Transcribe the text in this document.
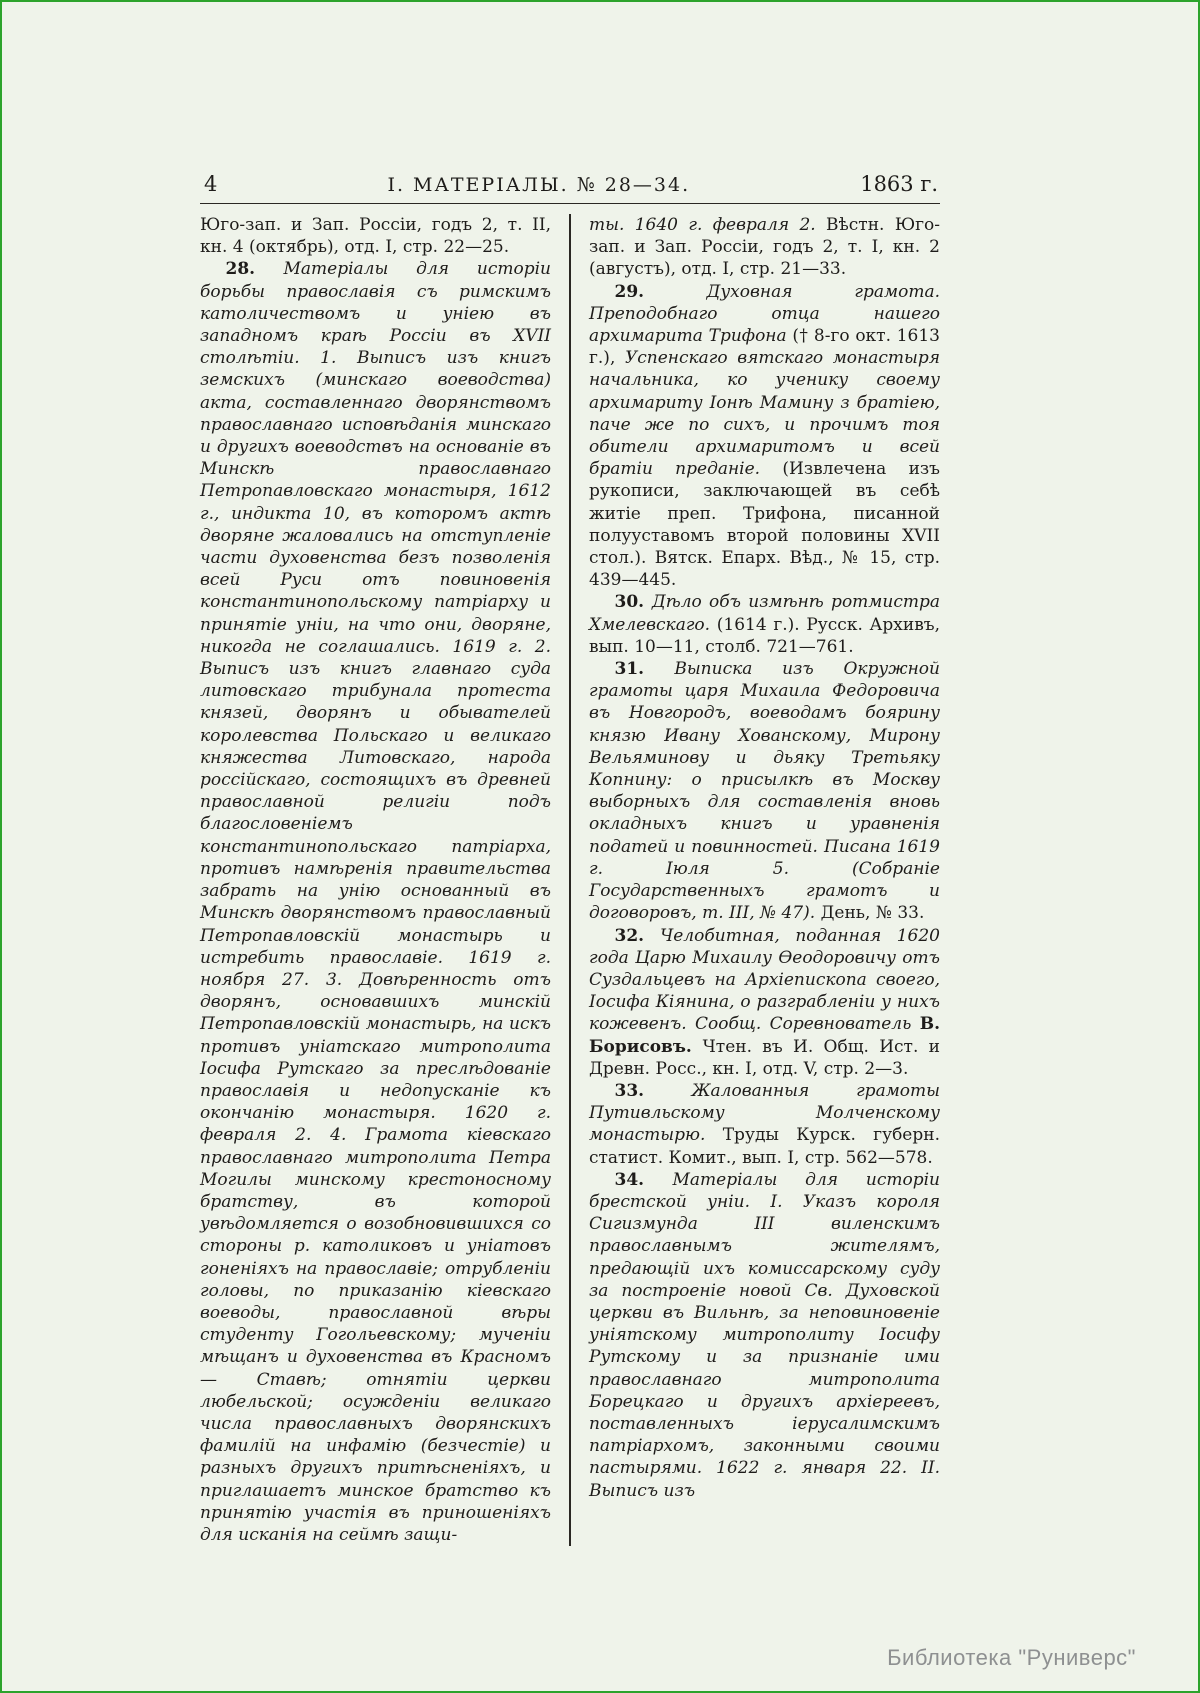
4	І. МАТЕРІАЛЫ. № 28—34.	1863 г.

Юго-зап. и Зап. Россіи, годъ 2, т. ІІ, кн. 4 (октябрь), отд. І, стр. 22—25.

28. Матеріалы для исторіи борьбы православія съ римскимъ католичествомъ и уніею въ западномъ краѣ Россіи въ XVII столѣтіи. 1. Выписъ изъ книгъ земскихъ (минскаго воеводства) акта, составленнаго дворянствомъ православнаго исповѣданія минскаго и другихъ воеводствъ на основаніе въ Минскѣ православнаго Петропавловскаго монастыря, 1612 г., индикта 10, въ которомъ актѣ дворяне жаловались на отступленіе части духовенства безъ позволенія всей Руси отъ повиновенія константинопольскому патріарху и принятіе уніи, на что они, дворяне, никогда не соглашались. 1619 г. 2. Выписъ изъ книгъ главнаго суда литовскаго трибунала протеста князей, дворянъ и обывателей королевства Польскаго и великаго княжества Литовскаго, народа россійскаго, состоящихъ въ древней православной религіи подъ благословеніемъ константинопольскаго патріарха, противъ намѣренія правительства забрать на унію основанный въ Минскѣ дворянствомъ православный Петропавловскій монастырь и истребить православіе. 1619 г. ноября 27. 3. Довѣренность отъ дворянъ, основавшихъ минскій Петропавловскій монастырь, на искъ противъ уніатскаго митрополита Іосифа Рутскаго за преслѣдованіе православія и недопусканіе къ окончанію монастыря. 1620 г. февраля 2. 4. Грамота кіевскаго православнаго митрополита Петра Могилы минскому крестоносному братству, въ которой увѣдомляется о возобновившихся со стороны р. католиковъ и уніатовъ гоненіяхъ на православіе; отрубленіи головы, по приказанію кіевскаго воеводы, православной вѣры студенту Гогольевскому; мученіи мѣщанъ и духовенства въ Красномъ — Ставѣ; отнятіи церкви любельской; осужденіи великаго числа православныхъ дворянскихъ фамилій на инфамію (безчестіе) и разныхъ другихъ притѣсненіяхъ, и приглашаетъ минское братство къ принятію участія въ приношеніяхъ для исканія на сеймѣ защи-

ты. 1640 г. февраля 2. Вѣстн. Юго-зап. и Зап. Россіи, годъ 2, т. І, кн. 2 (августъ), отд. І, стр. 21—33.

29. Духовная грамота. Преподобнаго отца нашего архимарита Трифона († 8-го окт. 1613 г.), Успенскаго вятскаго монастыря начальника, ко ученику своему архимариту Іонѣ Мамину з братіею, паче же по сихъ, и прочимъ тоя обители архимаритомъ и всей братіи преданіе. (Извлечена изъ рукописи, заключающей въ себѣ житіе преп. Трифона, писанной полууставомъ второй половины XVII стол.). Вятск. Епарх. Вѣд., № 15, стр. 439—445.

30. Дѣло объ измѣнѣ ротмистра Хмелевскаго. (1614 г.). Русск. Архивъ, вып. 10—11, столб. 721—761.

31. Выписка изъ Окружной грамоты царя Михаила Федоровича въ Новгородъ, воеводамъ боярину князю Ивану Хованскому, Мирону Вельяминову и дьяку Третьяку Копнину: о присылкѣ въ Москву выборныхъ для составленія вновь окладныхъ книгъ и уравненія податей и повинностей. Писана 1619 г. Іюля 5. (Собраніе Государственныхъ грамотъ и договоровъ, т. ІІІ, № 47). День, № 33.

32. Челобитная, поданная 1620 года Царю Михаилу Ѳеодоровичу отъ Суздальцевъ на Архіепископа своего, Іосифа Кіянина, о разграбленіи у нихъ кожевенъ. Сообщ. Соревнователь В. Борисовъ. Чтен. въ И. Общ. Ист. и Древн. Росс., кн. І, отд. V, стр. 2—3.

33. Жалованныя грамоты Путивльскому Молченскому монастырю. Труды Курск. губерн. статист. Комит., вып. І, стр. 562—578.

34. Матеріалы для исторіи брестской уніи. І. Указъ короля Сигизмунда ІІІ виленскимъ православнымъ жителямъ, предающій ихъ комиссарскому суду за построеніе новой Св. Духовской церкви въ Вильнѣ, за неповиновеніе уніятскому митрополиту Іосифу Рутскому и за признаніе ими православнаго митрополита Борецкаго и другихъ архіереевъ, поставленныхъ іерусалимскимъ патріархомъ, законными своими пастырями. 1622 г. января 22. ІІ. Выписъ изъ

Библиотека "Руниверс"
